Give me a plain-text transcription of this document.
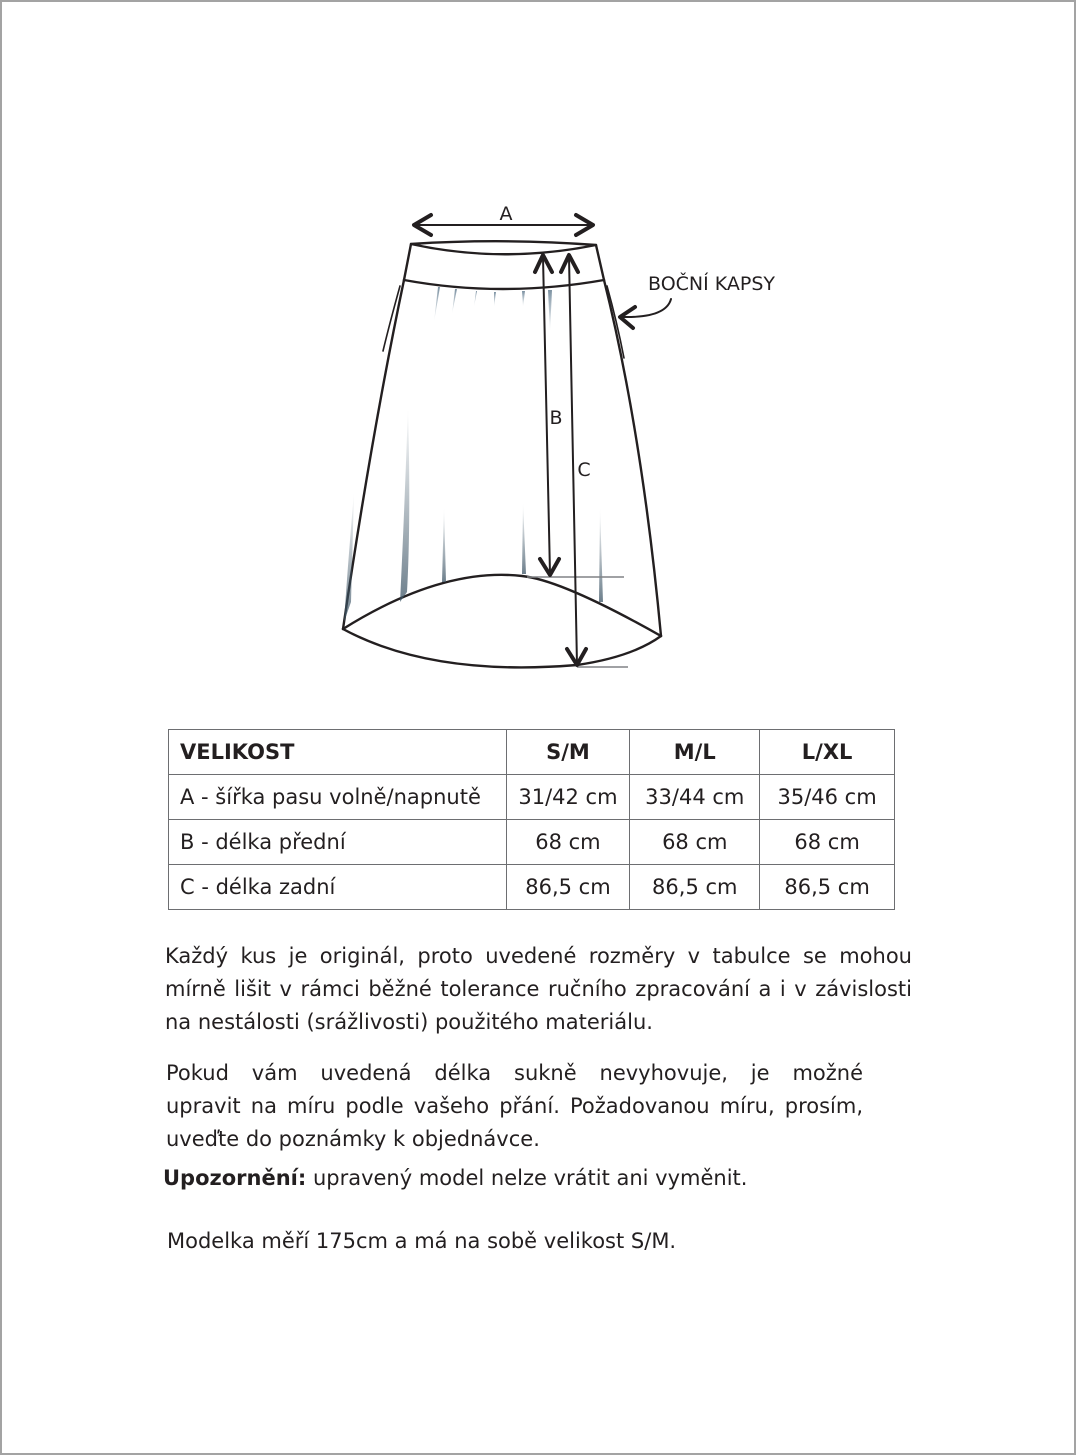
A
B
C
BOČNÍ KAPSY
VELIKOST	S/M	M/L	L/XL
A - šířka pasu volně/napnutě	31/42 cm	33/44 cm	35/46 cm
B - délka přední	68 cm	68 cm	68 cm
C - délka zadní	86,5 cm	86,5 cm	86,5 cm

Každý kus je originál, proto uvedené rozměry v tabulce se mohou
mírně lišit v rámci běžné tolerance ručního zpracování a i v závislosti
na nestálosti (srážlivosti) použitého materiálu.

Pokud vám uvedená délka sukně nevyhovuje, je možné
upravit na míru podle vašeho přání. Požadovanou míru, prosím,
uveďte do poznámky k objednávce.

Upozornění: upravený model nelze vrátit ani vyměnit.

Modelka měří 175cm a má na sobě velikost S/M.
